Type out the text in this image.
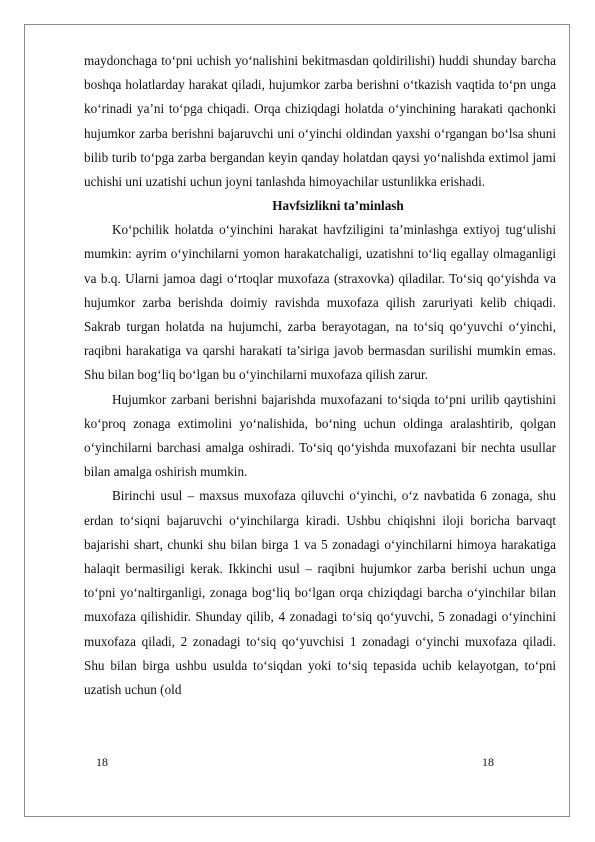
maydonchaga to‘pni uchish yo‘nalishini bekitmasdan qoldirilishi) huddi shunday barcha boshqa holatlarday harakat qiladi, hujumkor zarba berishni o‘tkazish vaqtida to‘pn unga ko‘rinadi ya’ni to‘pga chiqadi. Orqa chiziqdagi holatda o‘yinchining harakati qachonki hujumkor zarba berishni bajaruvchi uni o‘yinchi oldindan yaxshi o‘rgangan bo‘lsa shuni bilib turib to‘pga zarba bergandan keyin qanday holatdan qaysi yo‘nalishda extimol jami uchishi uni uzatishi uchun joyni tanlashda himoyachilar ustunlikka erishadi.

Havfsizlikni ta’minlash

Ko‘pchilik holatda o‘yinchini harakat havfziligini ta’minlashga extiyoj tug‘ulishi mumkin: ayrim o‘yinchilarni yomon harakatchaligi, uzatishni to‘liq egallay olmaganligi va b.q. Ularni jamoa dagi o‘rtoqlar muxofaza (straxovka) qiladilar. To‘siq qo‘yishda va hujumkor zarba berishda doimiy ravishda muxofaza qilish zaruriyati kelib chiqadi. Sakrab turgan holatda na hujumchi, zarba berayotagan, na to‘siq qo‘yuvchi o‘yinchi, raqibni harakatiga va qarshi harakati ta’siriga javob bermasdan surilishi mumkin emas. Shu bilan bog‘liq bo‘lgan bu o‘yinchilarni muxofaza qilish zarur.

Hujumkor zarbani berishni bajarishda muxofazani to‘siqda to‘pni urilib qaytishini ko‘proq zonaga extimolini yo‘nalishida, bo‘ning uchun oldinga aralashtirib, qolgan o‘yinchilarni barchasi amalga oshiradi. To‘siq qo‘yishda muxofazani bir nechta usullar bilan amalga oshirish mumkin.

Birinchi usul – maxsus muxofaza qiluvchi o‘yinchi, o‘z navbatida 6 zonaga, shu erdan to‘siqni bajaruvchi o‘yinchilarga kiradi. Ushbu chiqishni iloji boricha barvaqt bajarishi shart, chunki shu bilan birga 1 va 5 zonadagi o‘yinchilarni himoya harakatiga halaqit bermasiligi kerak. Ikkinchi usul – raqibni hujumkor zarba berishi uchun unga to‘pni yo‘naltirganligi, zonaga bog‘liq bo‘lgan orqa chiziqdagi barcha o‘yinchilar bilan muxofaza qilishidir. Shunday qilib, 4 zonadagi to‘siq qo‘yuvchi, 5 zonadagi o‘yinchini muxofaza qiladi, 2 zonadagi to‘siq qo‘yuvchisi 1 zonadagi o‘yinchi muxofaza qiladi. Shu bilan birga ushbu usulda to‘siqdan yoki to‘siq tepasida uchib kelayotgan, to‘pni uzatish uchun (old

18	18
